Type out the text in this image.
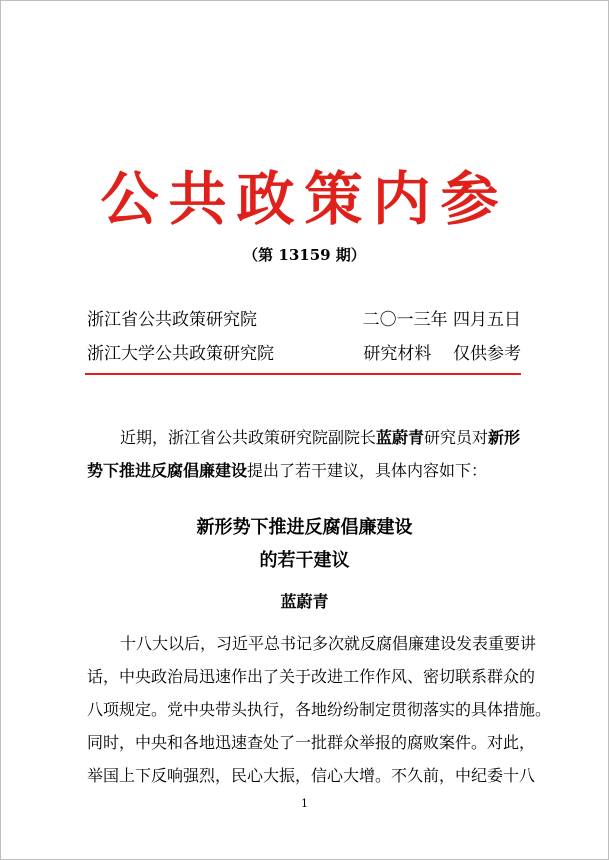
公共政策内参
（第 13159 期）
浙江省公共政策研究院	二〇一三年 四月五日
浙江大学公共政策研究院	研究材料    仅供参考

近期，浙江省公共政策研究院副院长蓝蔚青研究员对新形势下推进反腐倡廉建设提出了若干建议，具体内容如下：

新形势下推进反腐倡廉建设
的若干建议
蓝蔚青
十八大以后，习近平总书记多次就反腐倡廉建设发表重要讲
话，中央政治局迅速作出了关于改进工作作风、密切联系群众的
八项规定。党中央带头执行，各地纷纷制定贯彻落实的具体措施。
同时，中央和各地迅速查处了一批群众举报的腐败案件。对此，
举国上下反响强烈，民心大振，信心大增。不久前，中纪委十八
1
